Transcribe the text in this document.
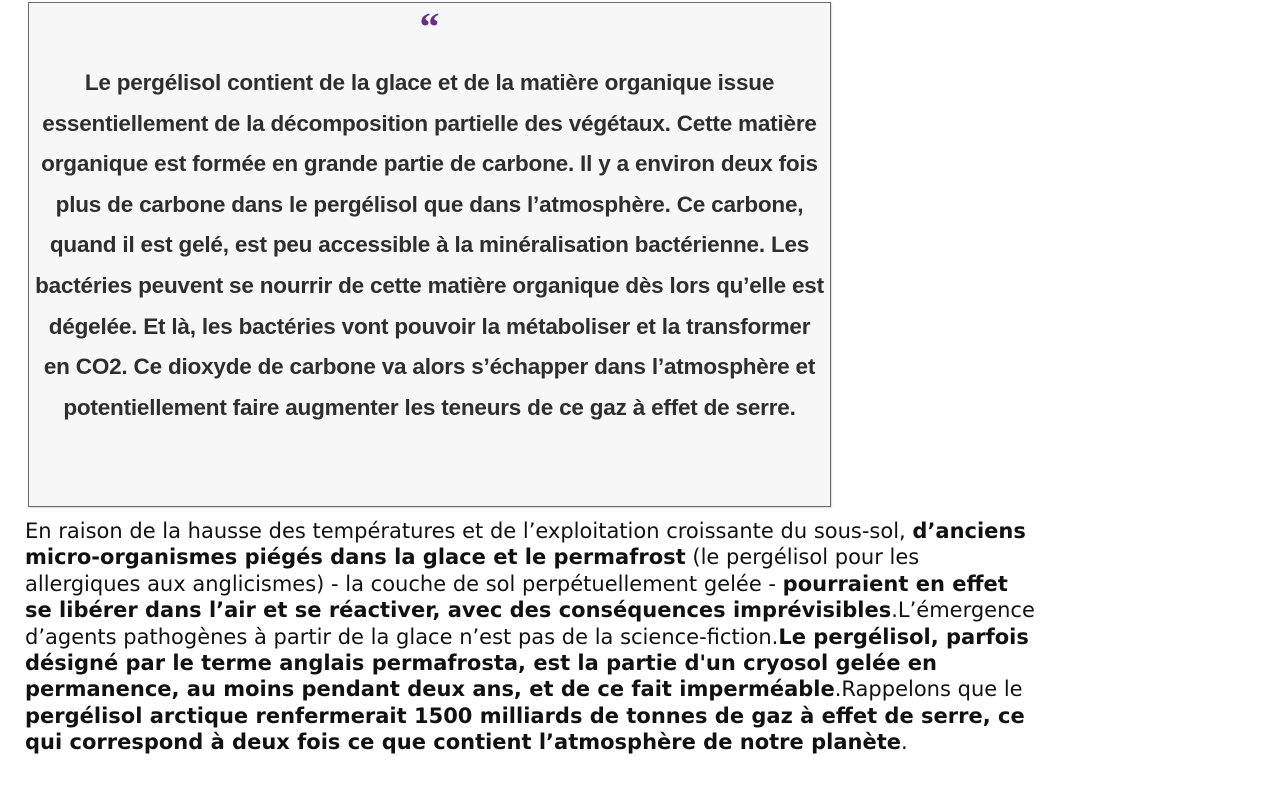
“

Le pergélisol contient de la glace et de la matière organique issue essentiellement de la décomposition partielle des végétaux. Cette matière organique est formée en grande partie de carbone. Il y a environ deux fois plus de carbone dans le pergélisol que dans l’atmosphère. Ce carbone, quand il est gelé, est peu accessible à la minéralisation bactérienne. Les bactéries peuvent se nourrir de cette matière organique dès lors qu’elle est dégelée. Et là, les bactéries vont pouvoir la métaboliser et la transformer en CO2. Ce dioxyde de carbone va alors s’échapper dans l’atmosphère et potentiellement faire augmenter les teneurs de ce gaz à effet de serre.

En raison de la hausse des températures et de l’exploitation croissante du sous-sol, d’anciens micro-organismes piégés dans la glace et le permafrost (le pergélisol pour les allergiques aux anglicismes) - la couche de sol perpétuellement gelée - pourraient en effet se libérer dans l’air et se réactiver, avec des conséquences imprévisibles.L’émergence d’agents pathogènes à partir de la glace n’est pas de la science-fiction.Le pergélisol, parfois désigné par le terme anglais permafrosta, est la partie d'un cryosol gelée en permanence, au moins pendant deux ans, et de ce fait imperméable.Rappelons que le pergélisol arctique renfermerait 1500 milliards de tonnes de gaz à effet de serre, ce qui correspond à deux fois ce que contient l’atmosphère de notre planète.
